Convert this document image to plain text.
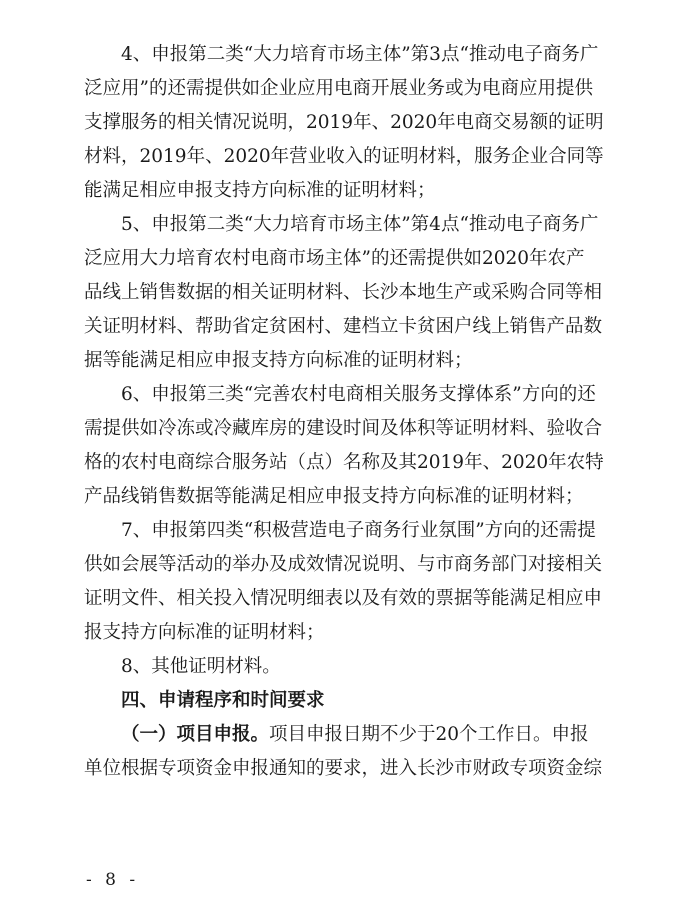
4、申报第二类“大力培育市场主体”第3点“推动电子商务广
泛应用”的还需提供如企业应用电商开展业务或为电商应用提供
支撑服务的相关情况说明，2019年、2020年电商交易额的证明
材料，2019年、2020年营业收入的证明材料，服务企业合同等
能满足相应申报支持方向标准的证明材料；
5、申报第二类“大力培育市场主体”第4点“推动电子商务广
泛应用大力培育农村电商市场主体”的还需提供如2020年农产
品线上销售数据的相关证明材料、长沙本地生产或采购合同等相
关证明材料、帮助省定贫困村、建档立卡贫困户线上销售产品数
据等能满足相应申报支持方向标准的证明材料；
6、申报第三类“完善农村电商相关服务支撑体系”方向的还
需提供如冷冻或冷藏库房的建设时间及体积等证明材料、验收合
格的农村电商综合服务站（点）名称及其2019年、2020年农特
产品线销售数据等能满足相应申报支持方向标准的证明材料；
7、申报第四类“积极营造电子商务行业氛围”方向的还需提
供如会展等活动的举办及成效情况说明、与市商务部门对接相关
证明文件、相关投入情况明细表以及有效的票据等能满足相应申
报支持方向标准的证明材料；
8、其他证明材料。
四、申请程序和时间要求
（一）项目申报。项目申报日期不少于20个工作日。申报
单位根据专项资金申报通知的要求，进入长沙市财政专项资金综
- 8 -
